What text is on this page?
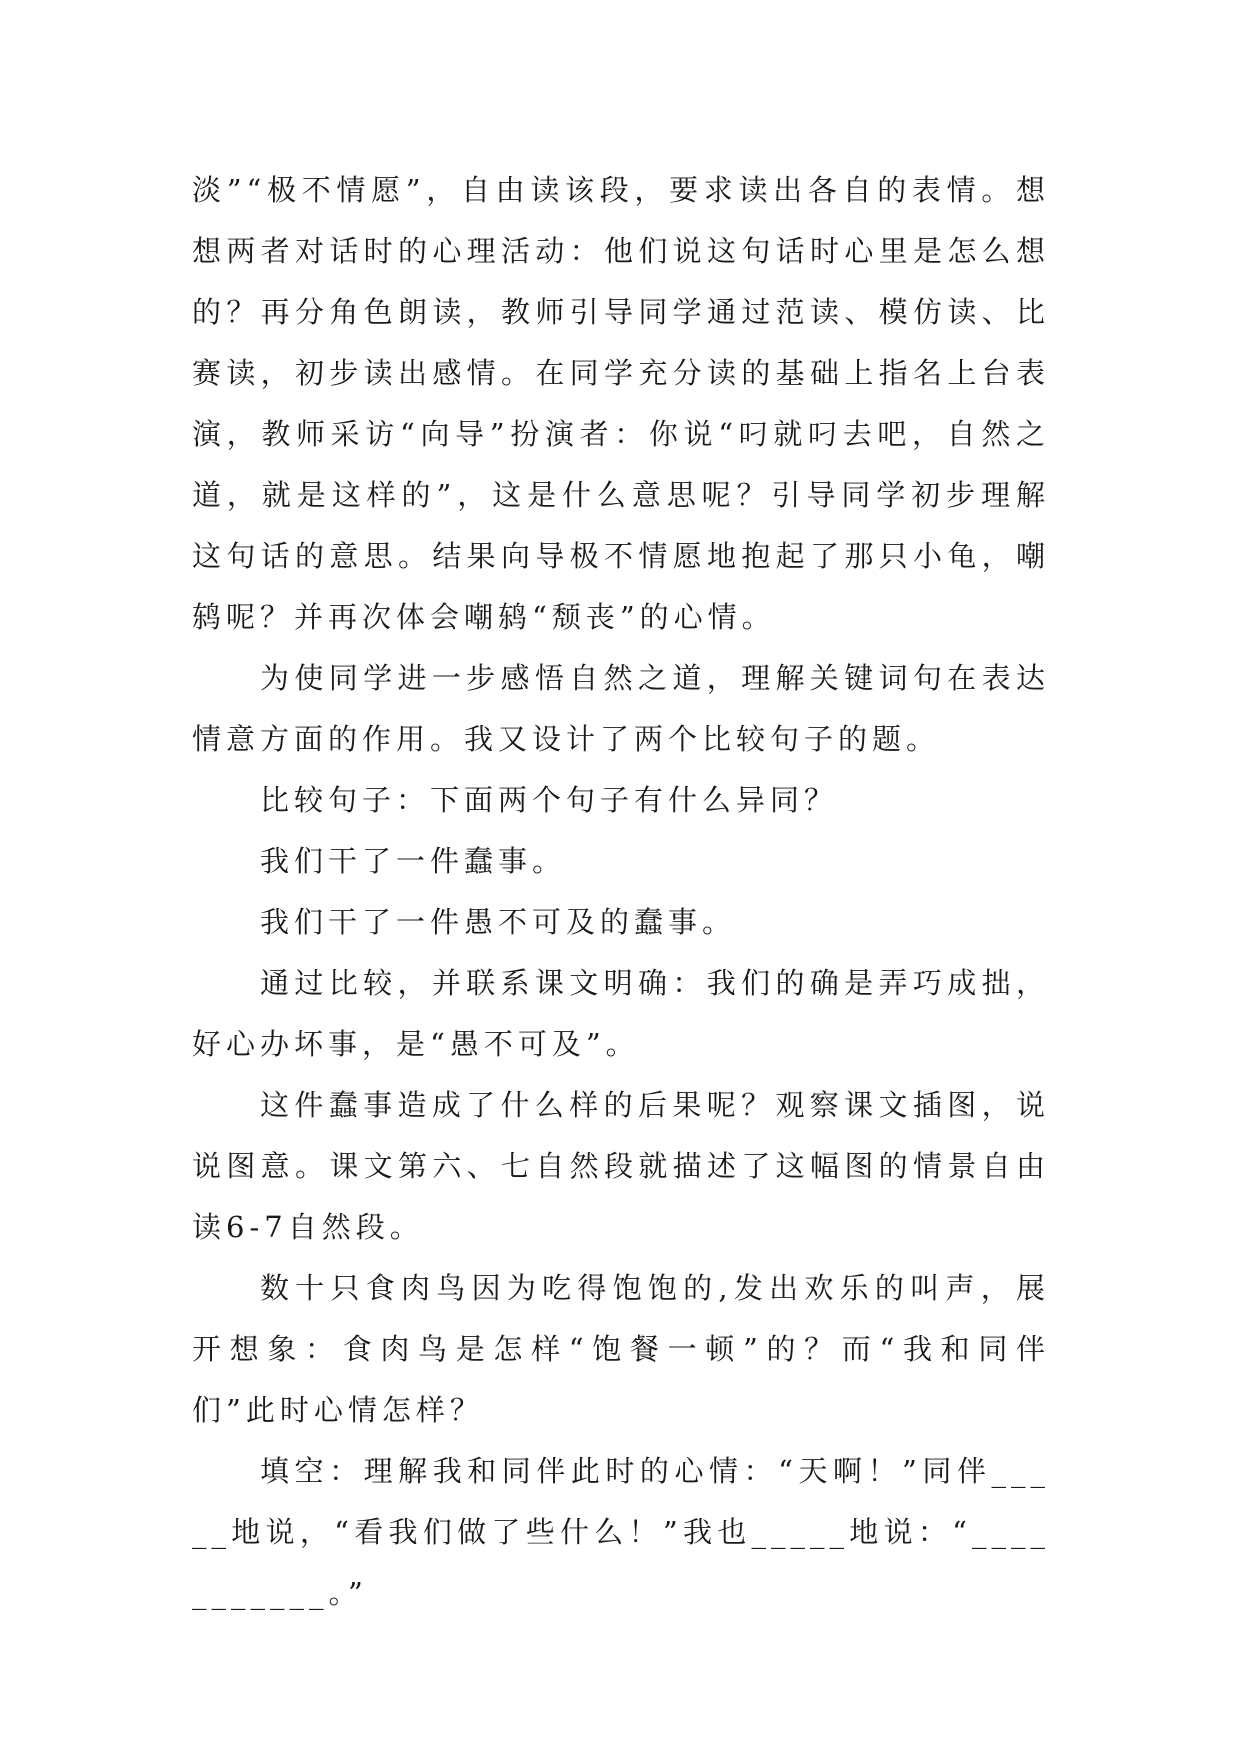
淡”“极不情愿”，自由读该段，要求读出各自的表情。想想两者对话时的心理活动：他们说这句话时心里是怎么想的？再分角色朗读，教师引导同学通过范读、模仿读、比赛读，初步读出感情。在同学充分读的基础上指名上台表演，教师采访“向导”扮演者：你说“叼就叼去吧，自然之道，就是这样的”，这是什么意思呢？引导同学初步理解这句话的意思。结果向导极不情愿地抱起了那只小龟，嘲鸫呢？并再次体会嘲鸫“颓丧”的心情。

为使同学进一步感悟自然之道，理解关键词句在表达情意方面的作用。我又设计了两个比较句子的题。

比较句子：下面两个句子有什么异同？

我们干了一件蠢事。

我们干了一件愚不可及的蠢事。

通过比较，并联系课文明确：我们的确是弄巧成拙，好心办坏事，是“愚不可及”。

这件蠢事造成了什么样的后果呢？观察课文插图，说说图意。课文第六、七自然段就描述了这幅图的情景自由读6-7自然段。

数十只食肉鸟因为吃得饱饱的,发出欢乐的叫声，展开想象：食肉鸟是怎样“饱餐一顿”的？而“我和同伴们”此时心情怎样？

填空：理解我和同伴此时的心情：“天啊！”同伴_____地说，“看我们做了些什么！”我也_____地说：“___________。”
